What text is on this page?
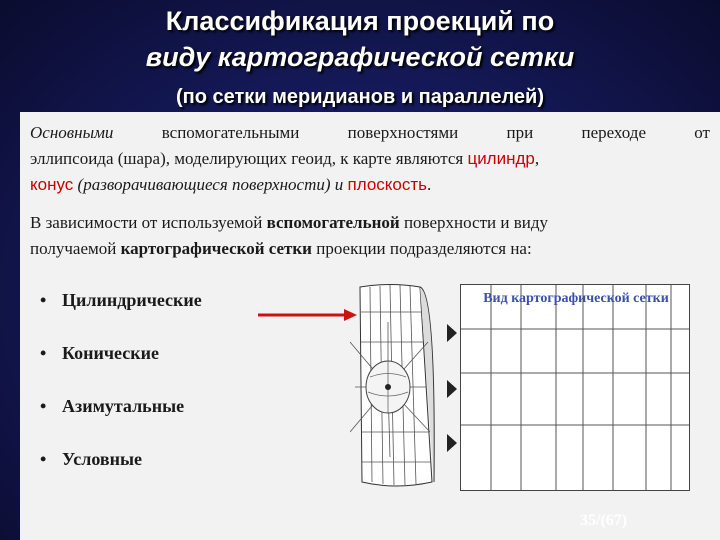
Классификация проекций по
виду картографической сетки
(по сетки меридианов и параллелей)
Основными	вспомогательными	поверхностями	при	переходе	от
эллипсоида (шара), моделирующих геоид, к карте являются цилиндр,
конус (разворачивающиеся поверхности) и плоскость.
В зависимости от используемой вспомогательной поверхности и виду
получаемой картографической сетки проекции подразделяются на:
• Цилиндрические
• Конические
• Азимутальные
• Условные
Вид картографической сетки
35/(67)
